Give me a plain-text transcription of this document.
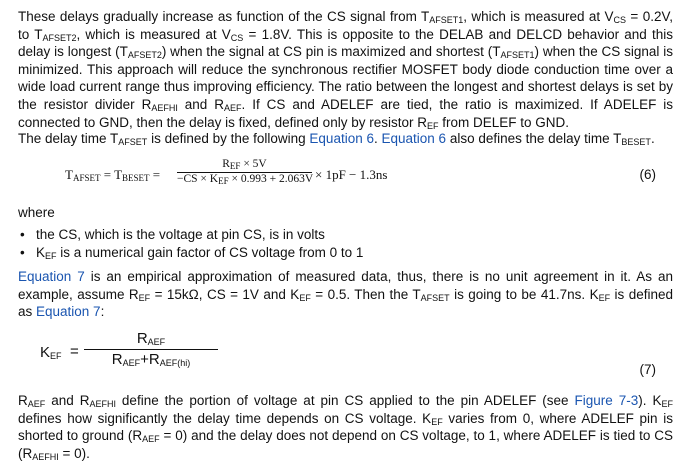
These delays gradually increase as function of the CS signal from $T_{AFSET1}$, which is measured at $V_{CS} = 0.2V$, to $T_{AFSET2}$, which is measured at $V_{CS} = 1.8V$. This is opposite to the DELAB and DELCD behavior and this delay is longest $(T_{AFSET2})$ when the signal at CS pin is maximized and shortest $(T_{AFSET1})$ when the CS signal is minimized. This approach will reduce the synchronous rectifier MOSFET body diode conduction time over a wide load current range thus improving efficiency. The ratio between the longest and shortest delays is set by the resistor divider $R_{AEFHI}$ and $R_{AEF}$. If CS and ADELEF are tied, the ratio is maximized. If ADELEF is connected to GND, then the delay is fixed, defined only by resistor $R_{EF}$ from DELEF to GND.

The delay time $T_{AFSET}$ is defined by the following Equation 6. Equation 6 also defines the delay time $T_{BESET}$.

$T_{AFSET} = T_{BESET}$ =
$R_{EF} \times 5V$
$-CS \times K_{EF} \times 0.993 + 2.063V \times 1pF - 1.3ns$	(6)

where

• the CS, which is the voltage at pin CS, is in volts
• $K_{EF}$ is a numerical gain factor of CS voltage from 0 to 1

Equation 7 is an empirical approximation of measured data, thus, there is no unit agreement in it. As an example, assume $R_{EF} = 15k\Omega$, CS = 1V and $K_{EF} = 0.5$. Then the $T_{AFSET}$ is going to be 41.7ns. $K_{EF}$ is defined as Equation 7:

$K_{EF}$ =
$R_{AEF}$
$R_{AEF}+R_{AEF(hi)}$	(7)

$R_{AEF}$ and $R_{AEFHI}$ define the portion of voltage at pin CS applied to the pin ADELEF (see Figure 7-3). $K_{EF}$ defines how significantly the delay time depends on CS voltage. $K_{EF}$ varies from 0, where ADELEF pin is shorted to ground $(R_{AEF} = 0)$ and the delay does not depend on CS voltage, to 1, where ADELEF is tied to CS $(R_{AEFHI} = 0)$.
